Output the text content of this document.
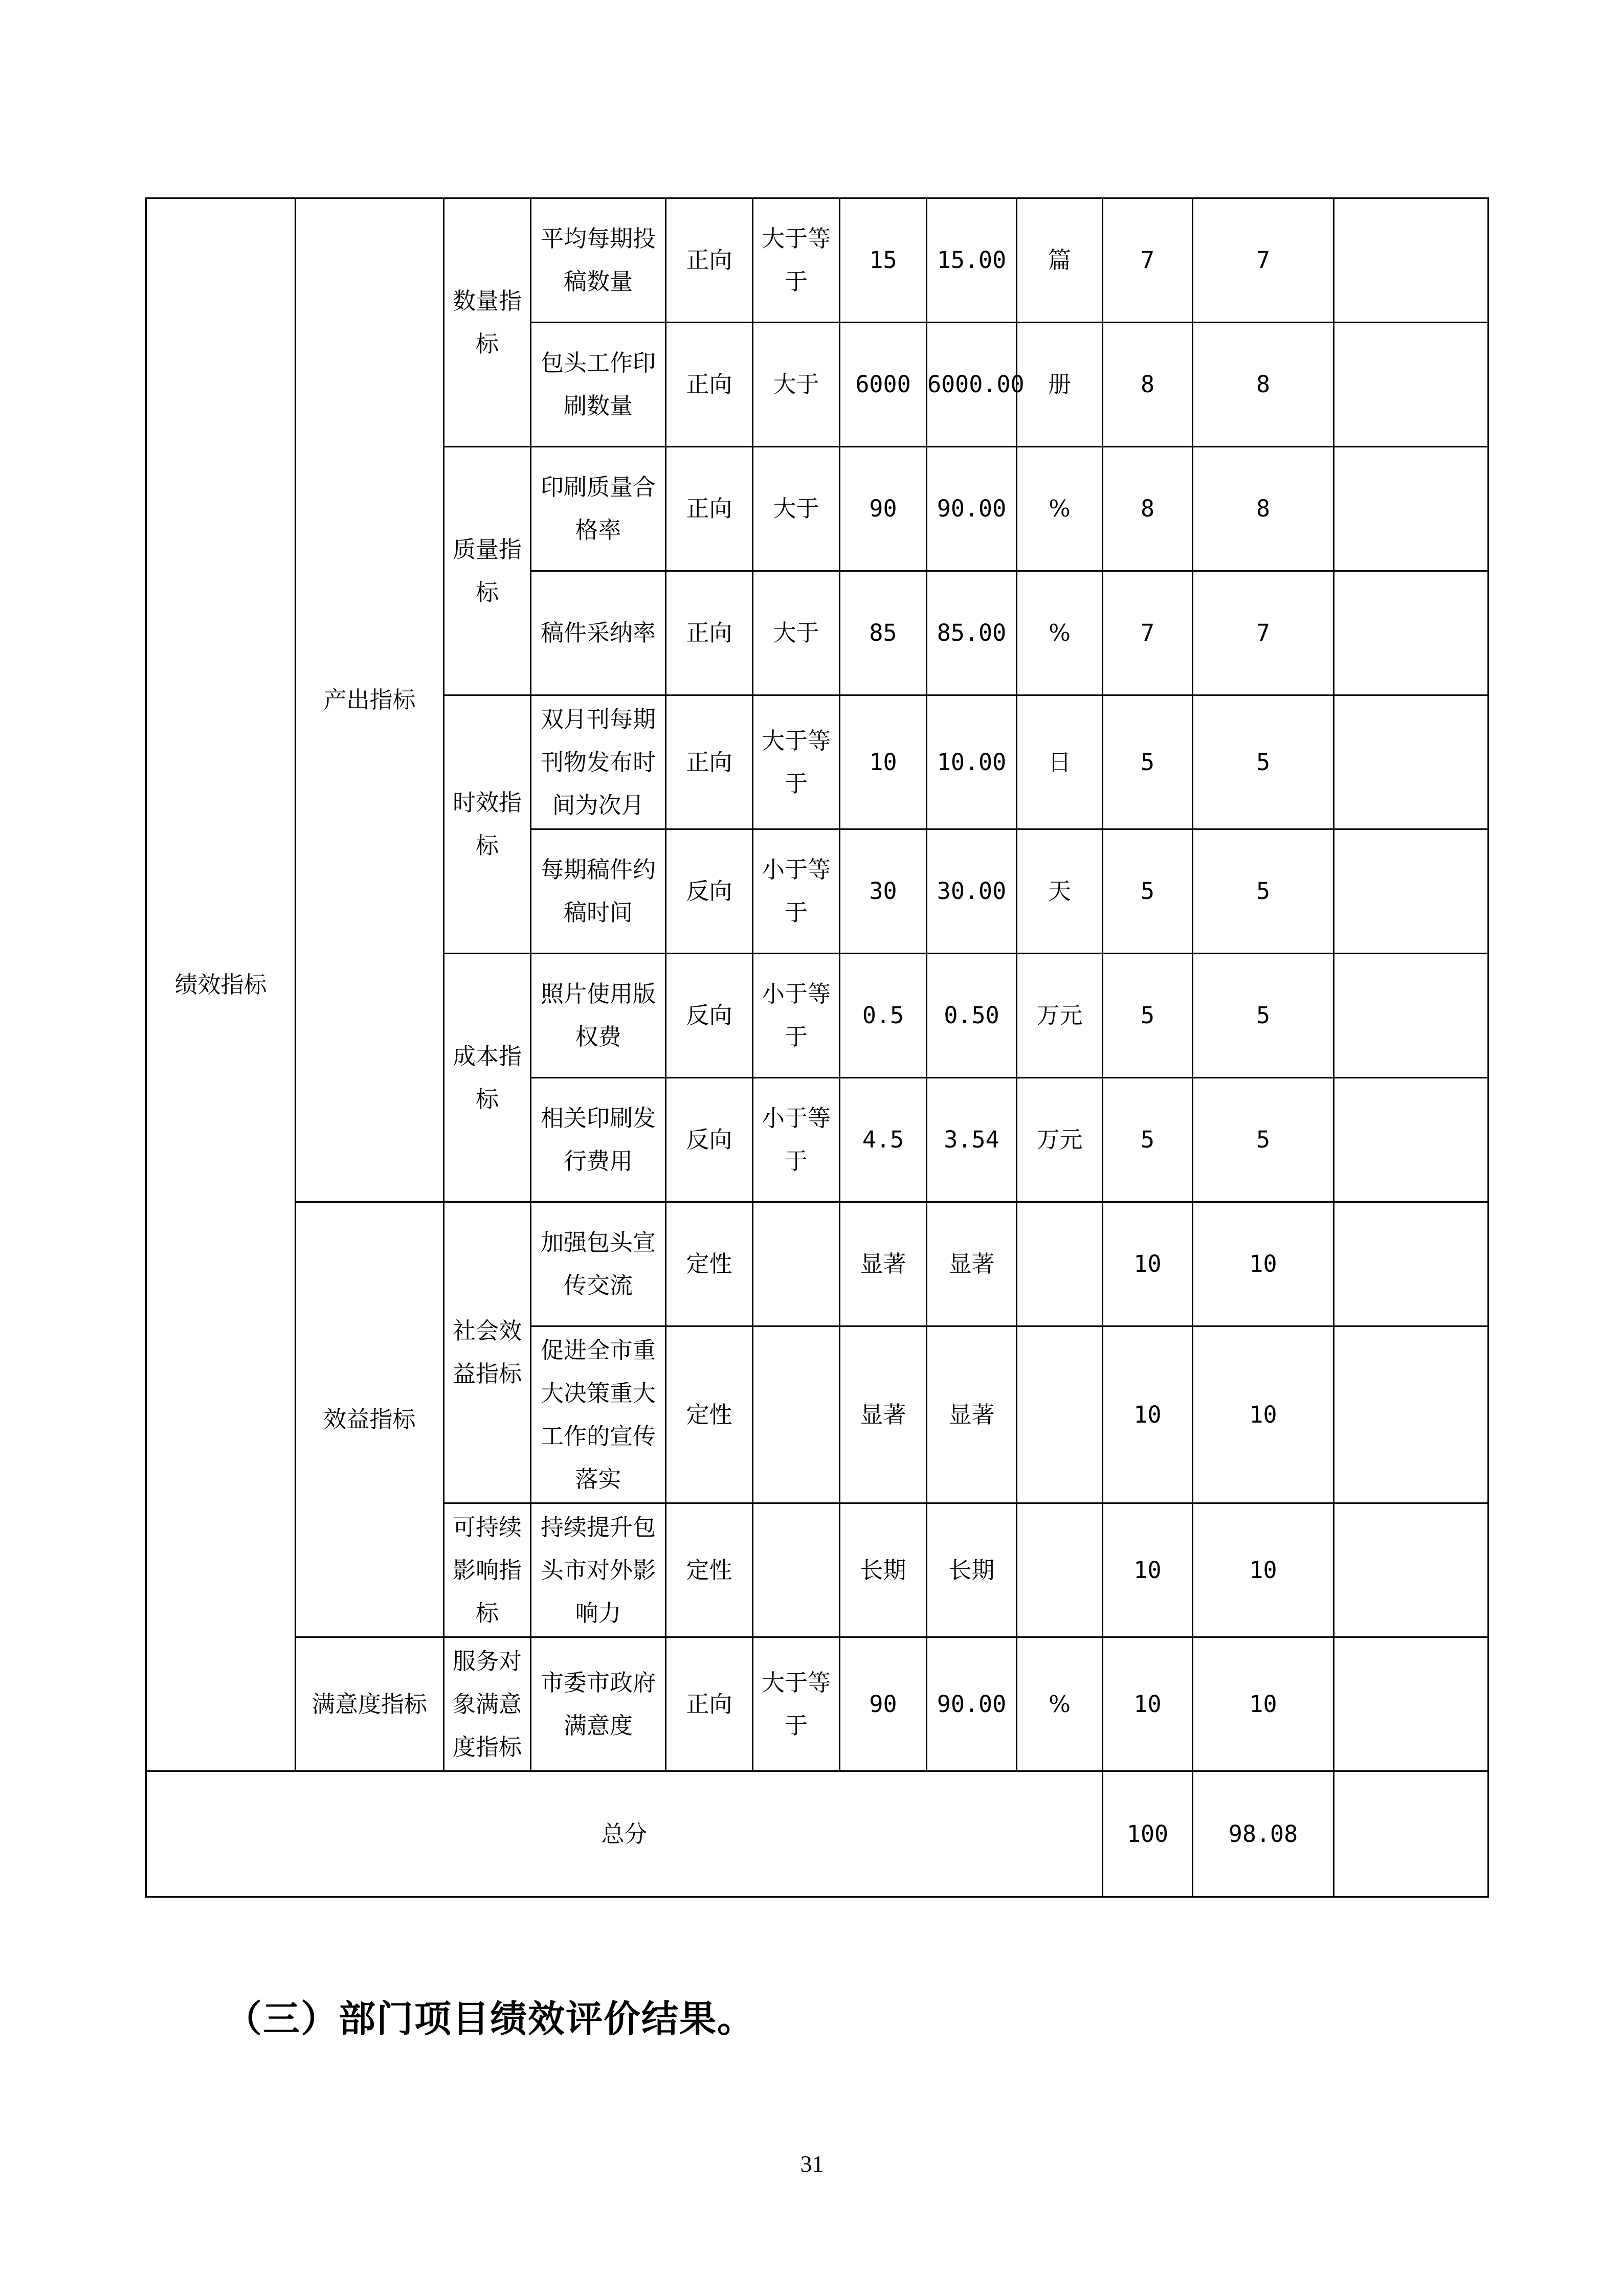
绩效指标	产出指标	数量指标	平均每期投稿数量	正向	大于等于	15	15.00	篇	7	7	
			包头工作印刷数量	正向	大于	6000	6000.00	册	8	8	
		质量指标	印刷质量合格率	正向	大于	90	90.00	%	8	8	
			稿件采纳率	正向	大于	85	85.00	%	7	7	
		时效指标	双月刊每期刊物发布时间为次月	正向	大于等于	10	10.00	日	5	5	
			每期稿件约稿时间	反向	小于等于	30	30.00	天	5	5	
		成本指标	照片使用版权费	反向	小于等于	0.5	0.50	万元	5	5	
			相关印刷发行费用	反向	小于等于	4.5	3.54	万元	5	5	
	效益指标	社会效益指标	加强包头宣传交流	定性		显著	显著		10	10	
			促进全市重大决策重大工作的宣传落实	定性		显著	显著		10	10	
		可持续影响指标	持续提升包头市对外影响力	定性		长期	长期		10	10	
	满意度指标	服务对象满意度指标	市委市政府满意度	正向	大于等于	90	90.00	%	10	10	
总分									100	98.08	
（三）部门项目绩效评价结果。
31
